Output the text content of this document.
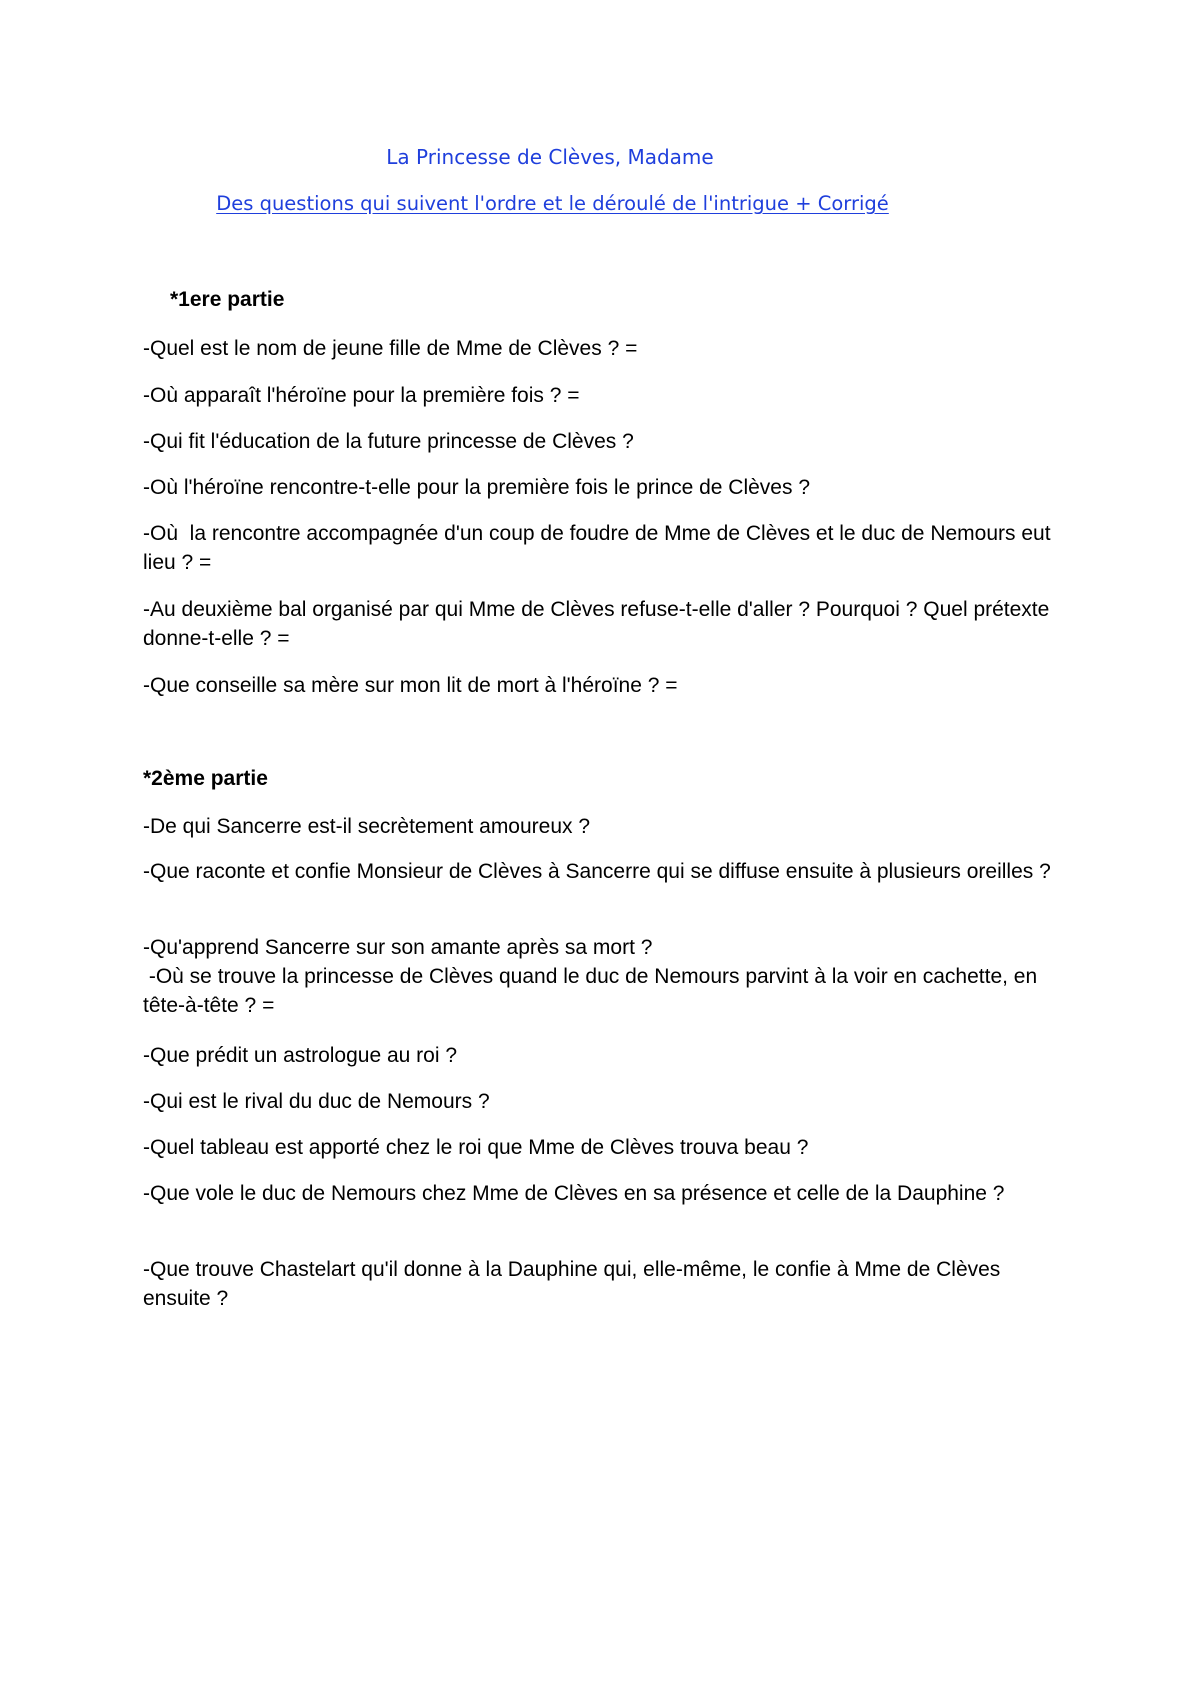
La Princesse de Clèves, Madame
Des questions qui suivent l'ordre et le déroulé de l'intrigue + Corrigé
*1ere partie
-Quel est le nom de jeune fille de Mme de Clèves ? =
-Où apparaît l'héroïne pour la première fois ? =
-Qui fit l'éducation de la future princesse de Clèves ?
-Où l'héroïne rencontre-t-elle pour la première fois le prince de Clèves ?
-Où  la rencontre accompagnée d'un coup de foudre de Mme de Clèves et le duc de Nemours eut lieu ? =
-Au deuxième bal organisé par qui Mme de Clèves refuse-t-elle d'aller ? Pourquoi ? Quel prétexte donne-t-elle ? =
-Que conseille sa mère sur mon lit de mort à l'héroïne ? =
*2ème partie
-De qui Sancerre est-il secrètement amoureux ?
-Que raconte et confie Monsieur de Clèves à Sancerre qui se diffuse ensuite à plusieurs oreilles ?
-Qu'apprend Sancerre sur son amante après sa mort ?
-Où se trouve la princesse de Clèves quand le duc de Nemours parvint à la voir en cachette, en tête-à-tête ? =
-Que prédit un astrologue au roi ?
-Qui est le rival du duc de Nemours ?
-Quel tableau est apporté chez le roi que Mme de Clèves trouva beau ?
-Que vole le duc de Nemours chez Mme de Clèves en sa présence et celle de la Dauphine ?
-Que trouve Chastelart qu'il donne à la Dauphine qui, elle-même, le confie à Mme de Clèves ensuite ?
